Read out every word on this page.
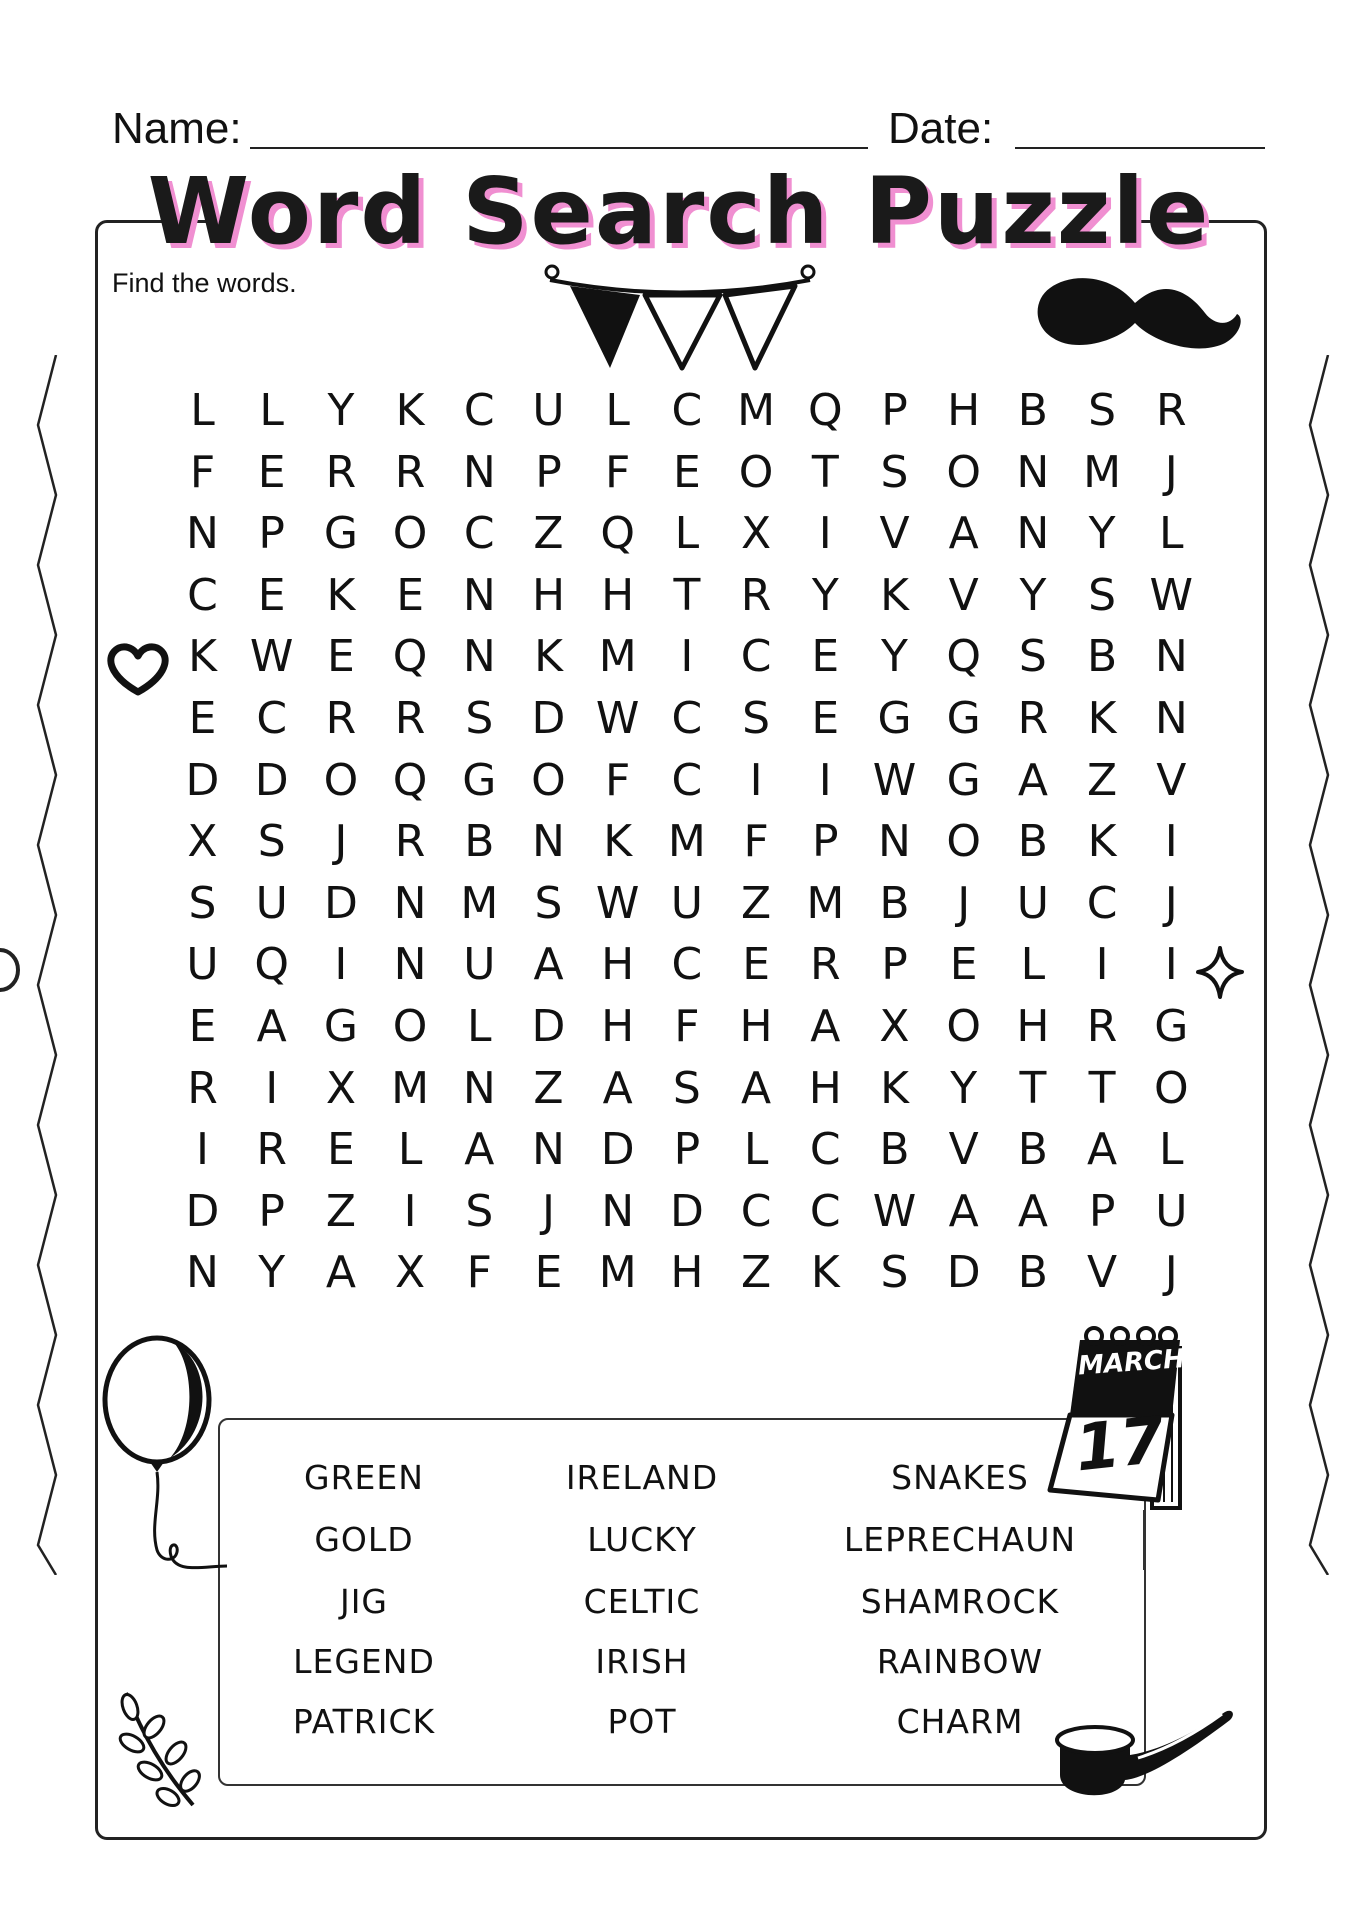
Name:	Date:
Word Search Puzzle
Find the words.
L	L Y K C U L C M Q P H B S R
F E R R N P F E O T S O N M J
N P G O C Z Q L X	I	V A N Y L
C E K E N H H T R Y K V Y S W
K W E Q N K M I	C E Y Q S B N
E C R R S D W C S E G G R K N
D D O Q G O F C	I	I W G A Z V
X S	J	R B N K M F P N O B K	I
S U D N M S W U Z M B	J	U C	J
U Q	I	N U A H C E R P E L	I	I
E A G O L D H F H A X O H R G
R	I	X M N Z A S A H K Y T T O
I	R E L A N D P L C B V B A L
D P Z	I	S	J	N D C C W A A P U
N Y A X F E M H Z K S D B V	J
GREEN
GOLD
JIG
LEGEND
PATRICK
IRELAND
LUCKY
CELTIC
IRISH
POT
SNAKES
LEPRECHAUN
SHAMROCK
RAINBOW
CHARM
MARCH
17
